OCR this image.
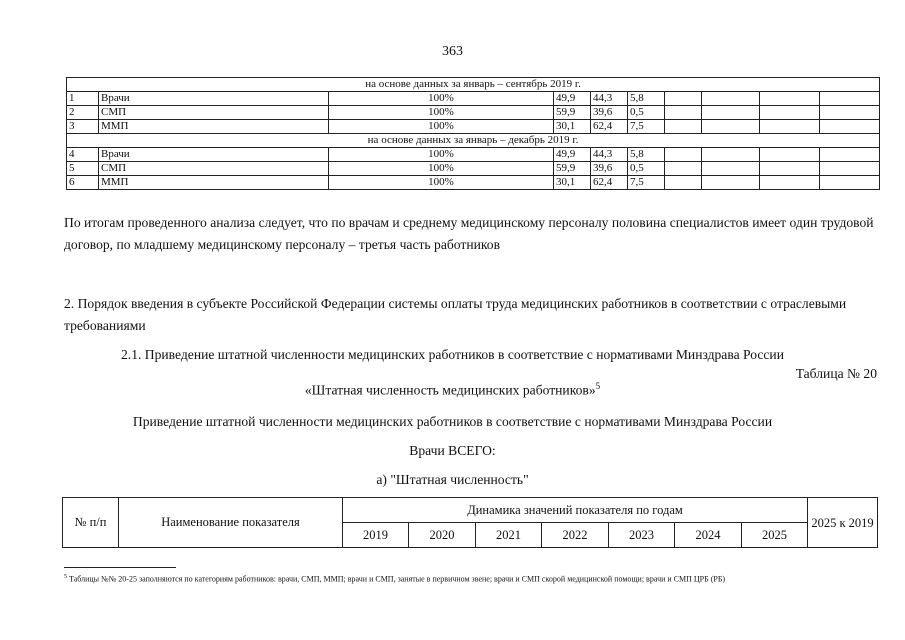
363
на основе данных за январь – сентябрь 2019 г.									
1	Врачи	100%	49,9	44,3	5,8				
2	СМП	100%	59,9	39,6	0,5				
3	ММП	100%	30,1	62,4	7,5				
на основе данных за январь – декабрь 2019 г.									
4	Врачи	100%	49,9	44,3	5,8				
5	СМП	100%	59,9	39,6	0,5				
6	ММП	100%	30,1	62,4	7,5				
По итогам проведенного анализа следует, что по врачам и среднему медицинскому персоналу половина специалистов имеет один трудовой договор, по младшему медицинскому персоналу – третья часть работников
2. Порядок введения в субъекте Российской Федерации системы оплаты труда медицинских работников в соответствии с отраслевыми требованиями
2.1. Приведение штатной численности медицинских работников в соответствие с нормативами Минздрава России
Таблица № 20
«Штатная численность медицинских работников»$^5$
Приведение штатной численности медицинских работников в соответствие с нормативами Минздрава России
Врачи ВСЕГО:
а) "Штатная численность"
№ п/п	Наименование показателя	Динамика значений показателя по годам							2025 к 2019
		2019	2020	2021	2022	2023	2024	2025	
$^5$ Таблицы №№ 20-25 заполняются по категориям работников: врачи, СМП, ММП; врачи и СМП, занятые в первичном звене; врачи и СМП скорой медицинской помощи; врачи и СМП ЦРБ (РБ)
